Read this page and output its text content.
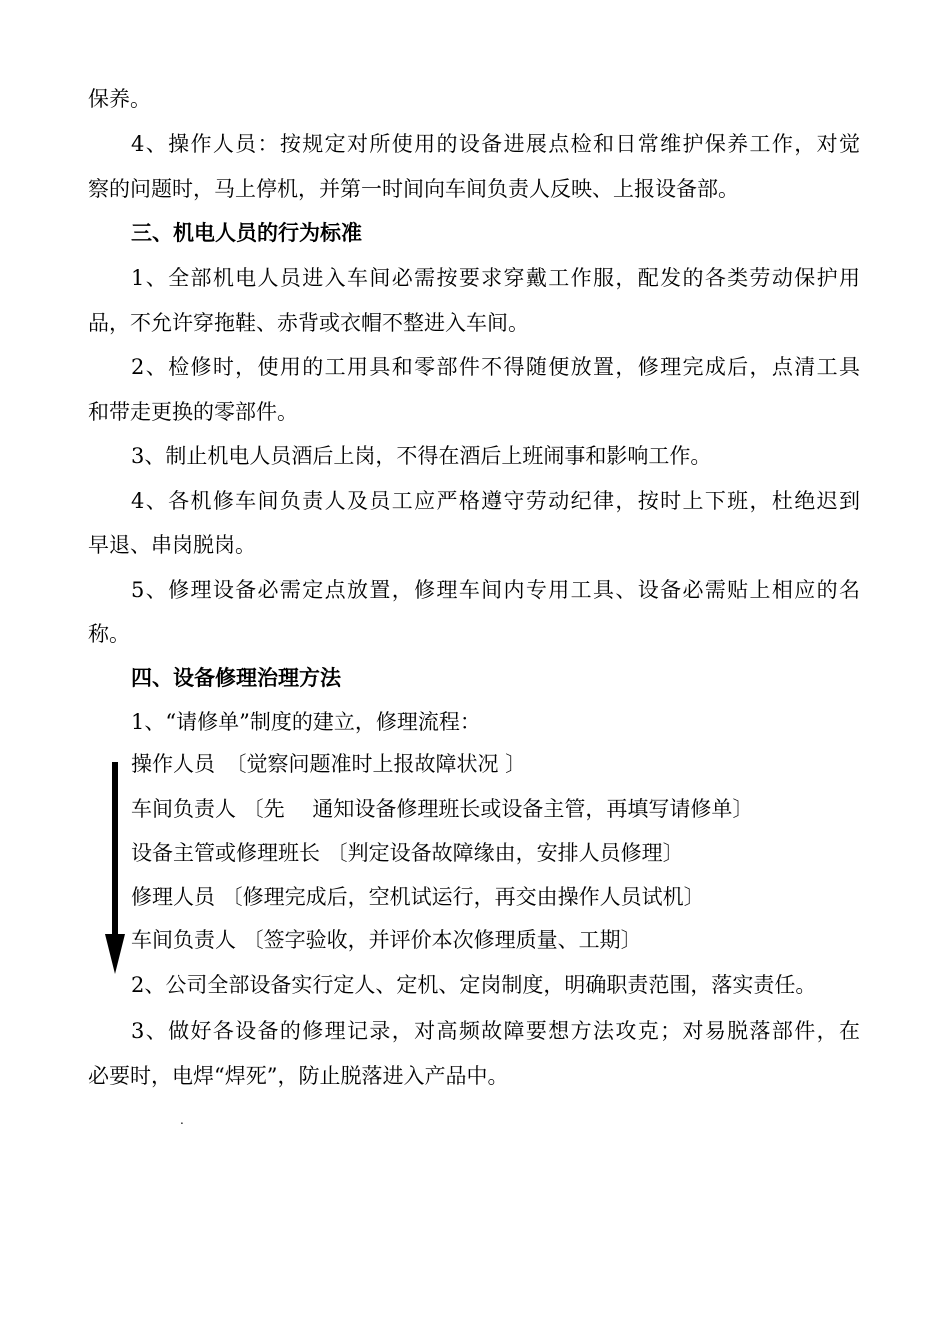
保养。
4、操作人员：按规定对所使用的设备进展点检和日常维护保养工作，对觉
察的问题时，马上停机，并第一时间向车间负责人反映、上报设备部。
三、机电人员的行为标准
1、全部机电人员进入车间必需按要求穿戴工作服，配发的各类劳动保护用
品，不允许穿拖鞋、赤背或衣帽不整进入车间。
2、检修时，使用的工用具和零部件不得随便放置，修理完成后，点清工具
和带走更换的零部件。
3、制止机电人员酒后上岗，不得在酒后上班闹事和影响工作。
4、各机修车间负责人及员工应严格遵守劳动纪律，按时上下班，杜绝迟到
早退、串岗脱岗。
5、修理设备必需定点放置，修理车间内专用工具、设备必需贴上相应的名
称。
四、设备修理治理方法
1、“请修单”制度的建立，修理流程：
操作人员　〔觉察问题准时上报故障状况 〕
车间负责人 〔先　 通知设备修理班长或设备主管，再填写请修单〕
设备主管或修理班长 〔判定设备故障缘由，安排人员修理〕
修理人员 〔修理完成后，空机试运行，再交由操作人员试机〕
车间负责人 〔签字验收，并评价本次修理质量、工期〕
2、公司全部设备实行定人、定机、定岗制度，明确职责范围，落实责任。
3、做好各设备的修理记录，对高频故障要想方法攻克；对易脱落部件，在
必要时，电焊“焊死”，防止脱落进入产品中。
.
